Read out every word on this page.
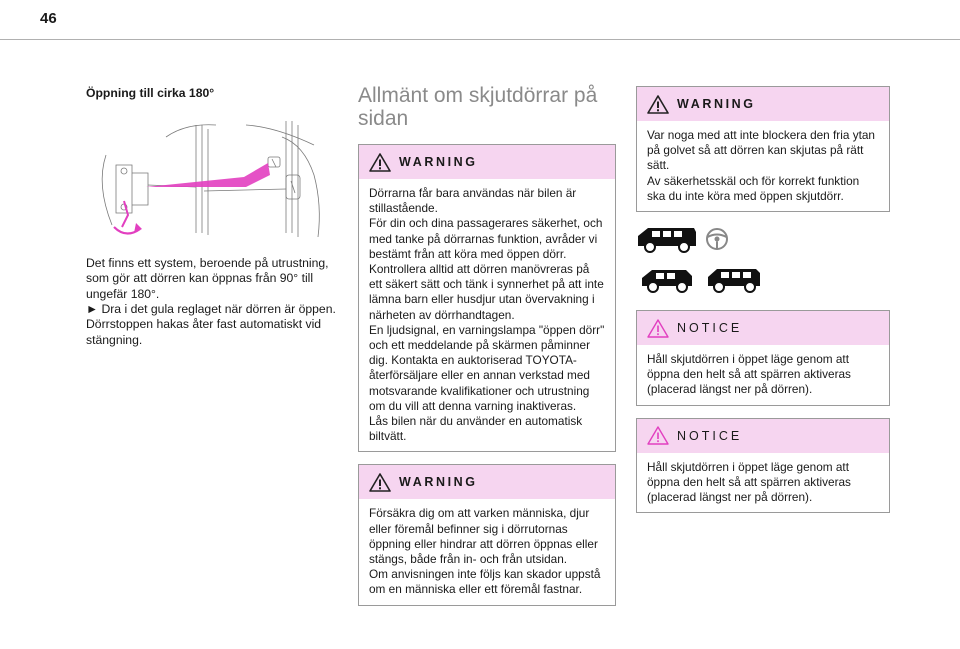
46
Öppning till cirka 180°

Det finns ett system, beroende på utrustning, som gör att dörren kan öppnas från 90° till ungefär 180°.
► Dra i det gula reglaget när dörren är öppen.
Dörrstoppen hakas åter fast automatiskt vid stängning.

Allmänt om skjutdörrar på sidan
WARNING
Dörrarna får bara användas när bilen är stillastående.
För din och dina passagerares säkerhet, och med tanke på dörrarnas funktion, avråder vi bestämt från att köra med öppen dörr.
Kontrollera alltid att dörren manövreras på ett säkert sätt och tänk i synnerhet på att inte lämna barn eller husdjur utan övervakning i närheten av dörrhandtagen.
En ljudsignal, en varningslampa "öppen dörr" och ett meddelande på skärmen påminner dig. Kontakta en auktoriserad TOYOTA-återförsäljare eller en annan verkstad med motsvarande kvalifikationer och utrustning om du vill att denna varning inaktiveras.
Lås bilen när du använder en automatisk biltvätt.
WARNING
Försäkra dig om att varken människa, djur eller föremål befinner sig i dörrutornas öppning eller hindrar att dörren öppnas eller stängs, både från in- och från utsidan.
Om anvisningen inte följs kan skador uppstå om en människa eller ett föremål fastnar.
WARNING
Var noga med att inte blockera den fria ytan på golvet så att dörren kan skjutas på rätt sätt.
Av säkerhetsskäl och för korrekt funktion ska du inte köra med öppen skjutdörr.
NOTICE
Håll skjutdörren i öppet läge genom att öppna den helt så att spärren aktiveras (placerad längst ner på dörren).
NOTICE
Håll skjutdörren i öppet läge genom att öppna den helt så att spärren aktiveras (placerad längst ner på dörren).
